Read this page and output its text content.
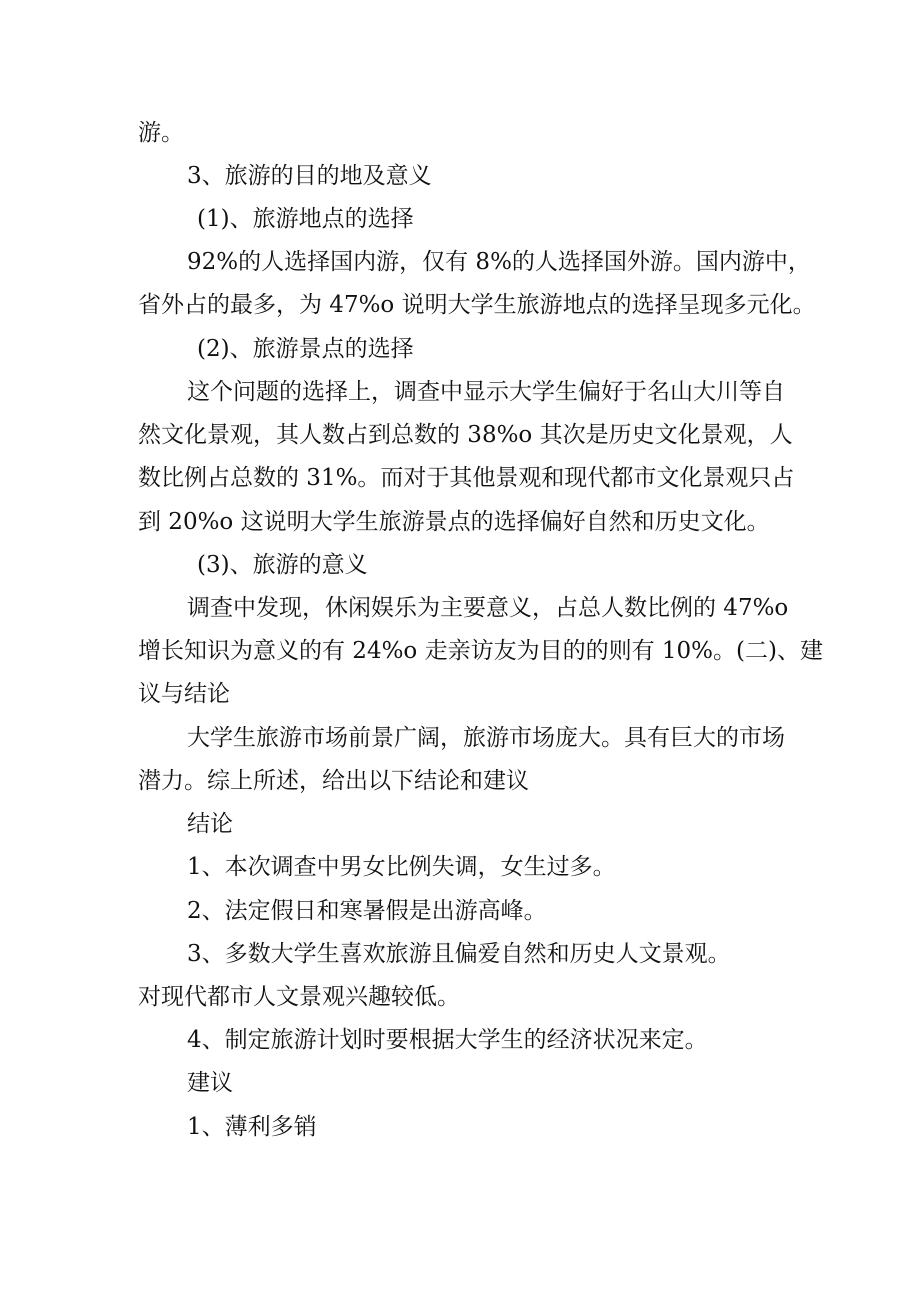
游。
3、旅游的目的地及意义
(1)、旅游地点的选择
92%的人选择国内游，仅有 8%的人选择国外游。国内游中，
省外占的最多，为 47%o 说明大学生旅游地点的选择呈现多元化。
(2)、旅游景点的选择
这个问题的选择上，调查中显示大学生偏好于名山大川等自
然文化景观，其人数占到总数的 38%o 其次是历史文化景观，人
数比例占总数的 31%。而对于其他景观和现代都市文化景观只占
到 20%o 这说明大学生旅游景点的选择偏好自然和历史文化。
(3)、旅游的意义
调查中发现，休闲娱乐为主要意义，占总人数比例的 47%o
增长知识为意义的有 24%o 走亲访友为目的的则有 10%。(二)、建
议与结论
大学生旅游市场前景广阔，旅游市场庞大。具有巨大的市场
潜力。综上所述，给出以下结论和建议
结论
1、本次调查中男女比例失调，女生过多。
2、法定假日和寒暑假是出游高峰。
3、多数大学生喜欢旅游且偏爱自然和历史人文景观。
对现代都市人文景观兴趣较低。
4、制定旅游计划时要根据大学生的经济状况来定。
建议
1、薄利多销
